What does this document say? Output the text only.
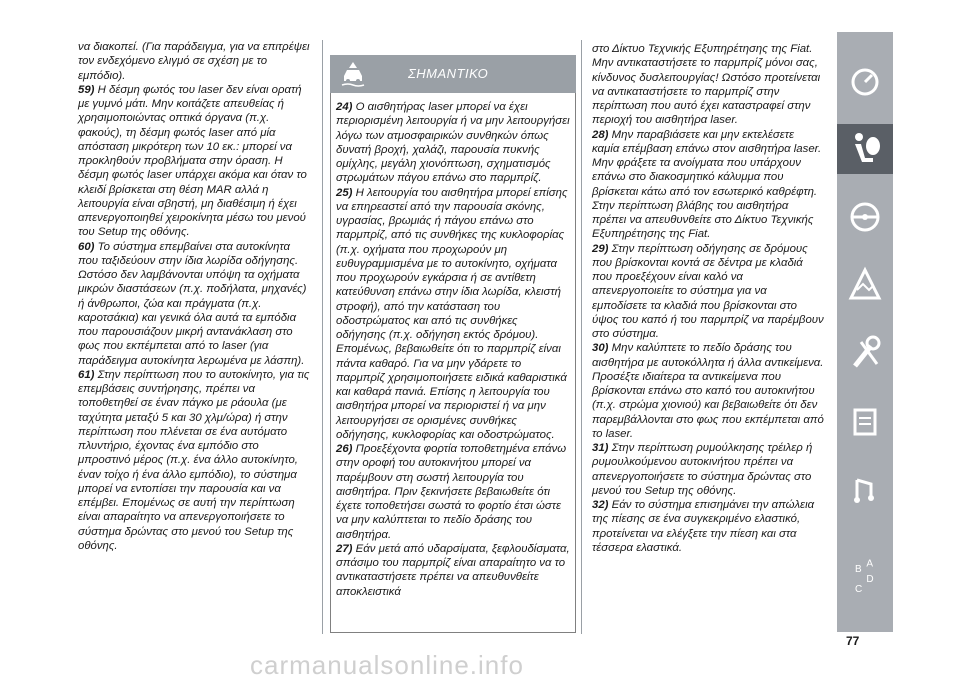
να διακοπεί. (Για παράδειγμα, για να επιτρέψει τον ενδεχόμενο ελιγμό σε σχέση με το εμπόδιο).

59) Η δέσμη φωτός του laser δεν είναι ορατή με γυμνό μάτι. Μην κοιτάζετε απευθείας ή χρησιμοποιώντας οπτικά όργανα (π.χ. φακούς), τη δέσμη φωτός laser από μία απόσταση μικρότερη των 10 εκ.: μπορεί να προκληθούν προβλήματα στην όραση. Η δέσμη φωτός laser υπάρχει ακόμα και όταν το κλειδί βρίσκεται στη θέση MAR αλλά η λειτουργία είναι σβηστή, μη διαθέσιμη ή έχει απενεργοποιηθεί χειροκίνητα μέσω του μενού του Setup της οθόνης.

60) Το σύστημα επεμβαίνει στα αυτοκίνητα που ταξιδεύουν στην ίδια λωρίδα οδήγησης. Ωστόσο δεν λαμβάνονται υπόψη τα οχήματα μικρών διαστάσεων (π.χ. ποδήλατα, μηχανές) ή άνθρωποι, ζώα και πράγματα (π.χ. καροτσάκια) και γενικά όλα αυτά τα εμπόδια που παρουσιάζουν μικρή αντανάκλαση στο φως που εκπέμπεται από το laser (για παράδειγμα αυτοκίνητα λερωμένα με λάσπη).

61) Στην περίπτωση που το αυτοκίνητο, για τις επεμβάσεις συντήρησης, πρέπει να τοποθετηθεί σε έναν πάγκο με ράουλα (με ταχύτητα μεταξύ 5 και 30 χλμ/ώρα) ή στην περίπτωση που πλένεται σε ένα αυτόματο πλυντήριο, έχοντας ένα εμπόδιο στο μπροστινό μέρος (π.χ. ένα άλλο αυτοκίνητο, έναν τοίχο ή ένα άλλο εμπόδιο), το σύστημα μπορεί να εντοπίσει την παρουσία και να επέμβει. Επομένως σε αυτή την περίπτωση είναι απαραίτητο να απενεργοποιήσετε το σύστημα δρώντας στο μενού του Setup της οθόνης.

ΣΗΜΑΝΤΙΚΟ

24) Ο αισθητήρας laser μπορεί να έχει περιορισμένη λειτουργία ή να μην λειτουργήσει λόγω των ατμοσφαιρικών συνθηκών όπως δυνατή βροχή, χαλάζι, παρουσία πυκνής ομίχλης, μεγάλη χιονόπτωση, σχηματισμός στρωμάτων πάγου επάνω στο παρμπρίζ.

25) Η λειτουργία του αισθητήρα μπορεί επίσης να επηρεαστεί από την παρουσία σκόνης, υγρασίας, βρωμιάς ή πάγου επάνω στο παρμπρίζ, από τις συνθήκες της κυκλοφορίας (π.χ. οχήματα που προχωρούν μη ευθυγραμμισμένα με το αυτοκίνητο, οχήματα που προχωρούν εγκάρσια ή σε αντίθετη κατεύθυνση επάνω στην ίδια λωρίδα, κλειστή στροφή), από την κατάσταση του οδοστρώματος και από τις συνθήκες οδήγησης (π.χ. οδήγηση εκτός δρόμου). Επομένως, βεβαιωθείτε ότι το παρμπρίζ είναι πάντα καθαρό. Για να μην γδάρετε το παρμπρίζ χρησιμοποιήσετε ειδικά καθαριστικά και καθαρά πανιά. Επίσης η λειτουργία του αισθητήρα μπορεί να περιοριστεί ή να μην λειτουργήσει σε ορισμένες συνθήκες οδήγησης, κυκλοφορίας και οδοστρώματος.

26) Προεξέχοντα φορτία τοποθετημένα επάνω στην οροφή του αυτοκινήτου μπορεί να παρέμβουν στη σωστή λειτουργία του αισθητήρα. Πριν ξεκινήσετε βεβαιωθείτε ότι έχετε τοποθετήσει σωστά το φορτίο έτσι ώστε να μην καλύπτεται το πεδίο δράσης του αισθητήρα.

27) Εάν μετά από υδαρσίματα, ξεφλουδίσματα, σπάσιμο του παρμπρίζ είναι απαραίτητο να το αντικαταστήσετε πρέπει να απευθυνθείτε αποκλειστικά

στο Δίκτυο Τεχνικής Εξυπηρέτησης της Fiat. Μην αντικαταστήσετε το παρμπρίζ μόνοι σας, κίνδυνος δυσλειτουργίας! Ωστόσο προτείνεται να αντικαταστήσετε το παρμπρίζ στην περίπτωση που αυτό έχει καταστραφεί στην περιοχή του αισθητήρα laser.

28) Μην παραβιάσετε και μην εκτελέσετε καμία επέμβαση επάνω στον αισθητήρα laser. Μην φράξετε τα ανοίγματα που υπάρχουν επάνω στο διακοσμητικό κάλυμμα που βρίσκεται κάτω από τον εσωτερικό καθρέφτη. Στην περίπτωση βλάβης του αισθητήρα πρέπει να απευθυνθείτε στο Δίκτυο Τεχνικής Εξυπηρέτησης της Fiat.

29) Στην περίπτωση οδήγησης σε δρόμους που βρίσκονται κοντά σε δέντρα με κλαδιά που προεξέχουν είναι καλό να απενεργοποιείτε το σύστημα για να εμποδίσετε τα κλαδιά που βρίσκονται στο ύψος του καπό ή του παρμπρίζ να παρέμβουν στο σύστημα.

30) Μην καλύπτετε το πεδίο δράσης του αισθητήρα με αυτοκόλλητα ή άλλα αντικείμενα. Προσέξτε ιδιαίτερα τα αντικείμενα που βρίσκονται επάνω στο καπό του αυτοκινήτου (π.χ. στρώμα χιονιού) και βεβαιωθείτε ότι δεν παρεμβάλλονται στο φως που εκπέμπεται από το laser.

31) Στην περίπτωση ρυμούλκησης τρέιλερ ή ρυμουλκούμενου αυτοκινήτου πρέπει να απενεργοποιήσετε το σύστημα δρώντας στο μενού του Setup της οθόνης.

32) Εάν το σύστημα επισημάνει την απώλεια της πίεσης σε ένα συγκεκριμένο ελαστικό, προτείνεται να ελέγξετε την πίεση και στα τέσσερα ελαστικά.

B
D
C
A
77
carmanualsonline.info
